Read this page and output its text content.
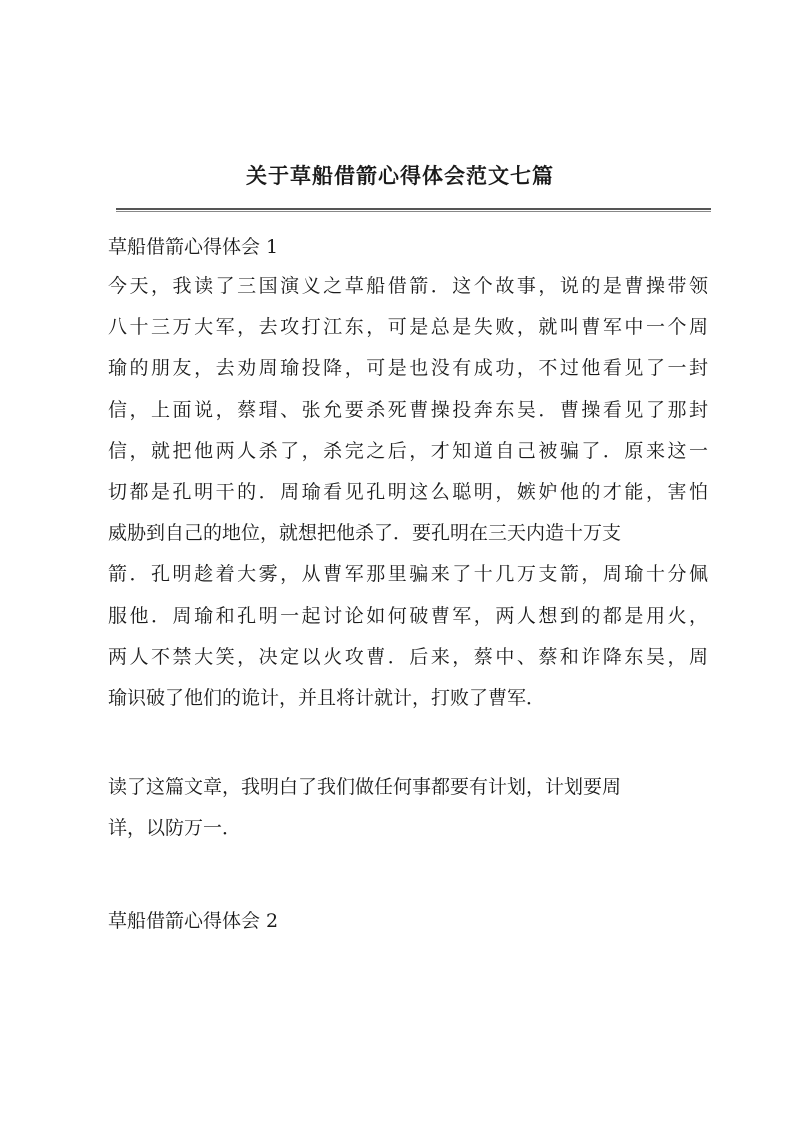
关于草船借箭心得体会范文七篇
草船借箭心得体会 1
今天，我读了三国演义之草船借箭．这个故事，说的是曹操带领
八十三万大军，去攻打江东，可是总是失败，就叫曹军中一个周
瑜的朋友，去劝周瑜投降，可是也没有成功，不过他看见了一封
信，上面说，蔡瑁、张允要杀死曹操投奔东吴．曹操看见了那封
信，就把他两人杀了，杀完之后，才知道自己被骗了．原来这一
切都是孔明干的．周瑜看见孔明这么聪明，嫉妒他的才能，害怕
威胁到自己的地位，就想把他杀了．要孔明在三天内造十万支
箭．孔明趁着大雾，从曹军那里骗来了十几万支箭，周瑜十分佩
服他．周瑜和孔明一起讨论如何破曹军，两人想到的都是用火，
两人不禁大笑，决定以火攻曹．后来，蔡中、蔡和诈降东吴，周
瑜识破了他们的诡计，并且将计就计，打败了曹军．
读了这篇文章，我明白了我们做任何事都要有计划，计划要周
详，以防万一．
草船借箭心得体会 2
